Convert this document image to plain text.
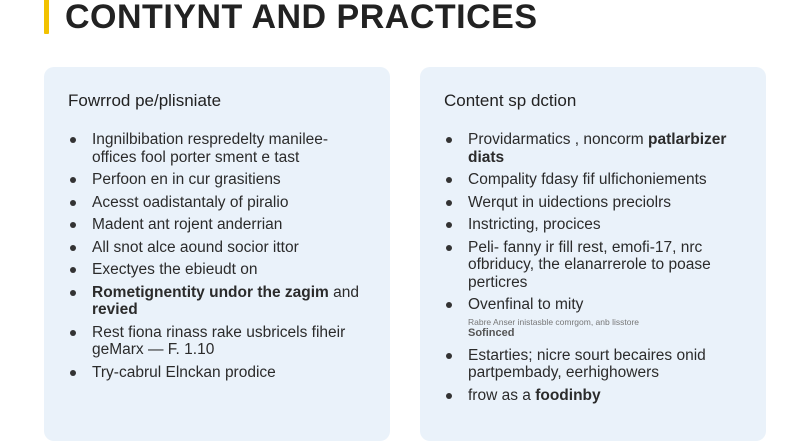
CONTIYNT AND PRACTICES
Fowrrod pe/plisniate
Ingnilbibation respredelty manilee-
offices fool porter sment e tast
Perfoon en in cur grasitiens
Acesst oadistantaly of piralio
Madent ant rojent anderrian
All snot alce aound socior ittor
Exectyes the ebieudt on
Rometignentity undor the zagim and
revied
Rest fiona rinass rake usbricels fiheir
geMarx — F. 1.10
Try-cabrul Elnckan prodice
Content sp dction
Providarmatics , noncorm patlarbizer
diats
Compality fdasy fif ulfichoniements
Werqut in uidections preciolrs
Instricting, procices
Peli- fanny ir fill rest, emofi-17, nrc
ofbriducy, the elanarrerole to poase
perticres
Ovenfinal to mity
Rabre Anser inistasble comrgom, anb lisstore
Sofinced
Estarties; nicre sourt becaires onid
partpembady, eerhighowers
frow as a foodinby
